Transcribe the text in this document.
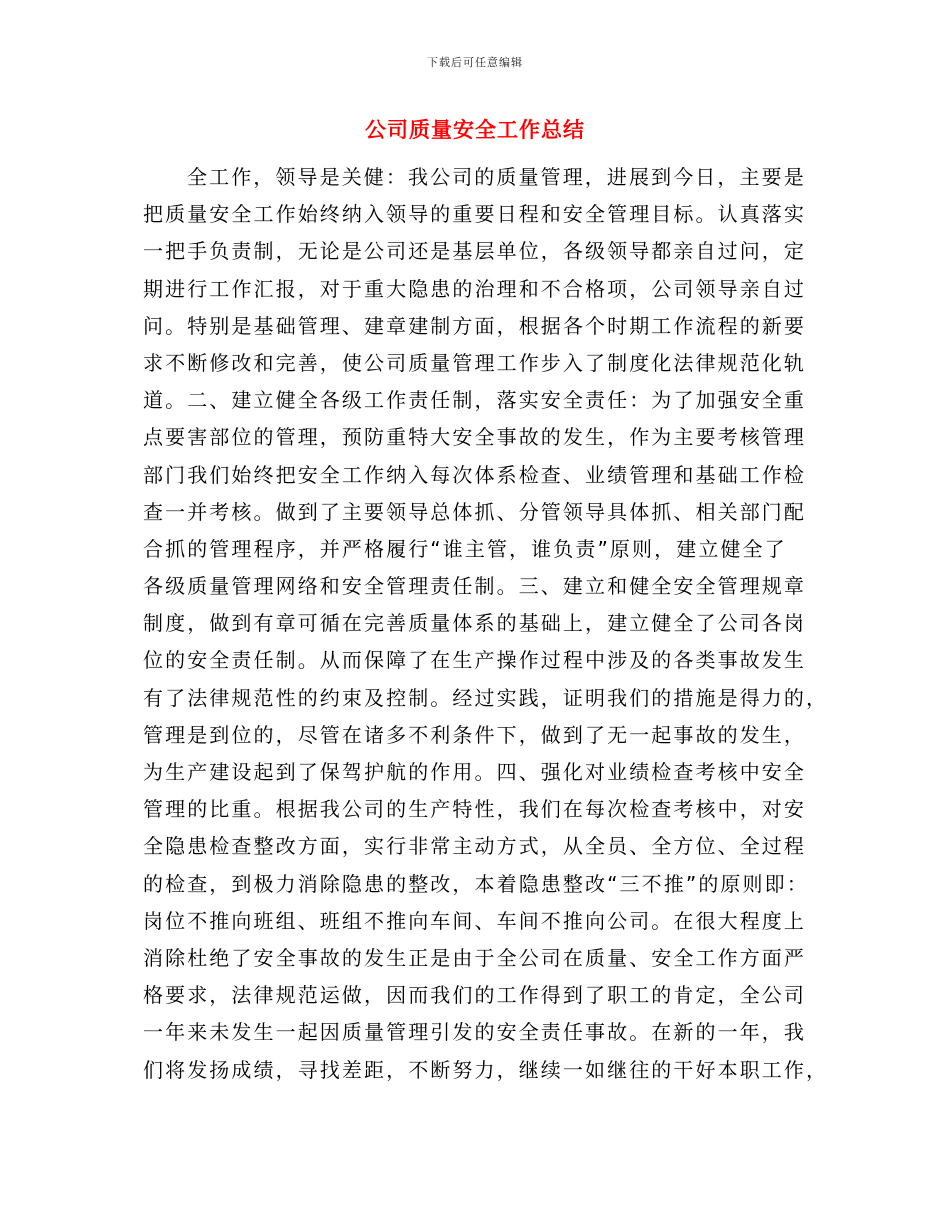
下载后可任意编辑
公司质量安全工作总结
全工作，领导是关健：我公司的质量管理，进展到今日，主要是
把质量安全工作始终纳入领导的重要日程和安全管理目标。认真落实
一把手负责制，无论是公司还是基层单位，各级领导都亲自过问，定
期进行工作汇报，对于重大隐患的治理和不合格项，公司领导亲自过
问。特别是基础管理、建章建制方面，根据各个时期工作流程的新要
求不断修改和完善，使公司质量管理工作步入了制度化法律规范化轨
道。二、建立健全各级工作责任制，落实安全责任：为了加强安全重
点要害部位的管理，预防重特大安全事故的发生，作为主要考核管理
部门我们始终把安全工作纳入每次体系检查、业绩管理和基础工作检
查一并考核。做到了主要领导总体抓、分管领导具体抓、相关部门配
合抓的管理程序，并严格履行“谁主管，谁负责”原则，建立健全了
各级质量管理网络和安全管理责任制。三、建立和健全安全管理规章
制度，做到有章可循在完善质量体系的基础上，建立健全了公司各岗
位的安全责任制。从而保障了在生产操作过程中涉及的各类事故发生
有了法律规范性的约束及控制。经过实践，证明我们的措施是得力的，
管理是到位的，尽管在诸多不利条件下，做到了无一起事故的发生，
为生产建设起到了保驾护航的作用。四、强化对业绩检查考核中安全
管理的比重。根据我公司的生产特性，我们在每次检查考核中，对安
全隐患检查整改方面，实行非常主动方式，从全员、全方位、全过程
的检查，到极力消除隐患的整改，本着隐患整改“三不推”的原则即：
岗位不推向班组、班组不推向车间、车间不推向公司。在很大程度上
消除杜绝了安全事故的发生正是由于全公司在质量、安全工作方面严
格要求，法律规范运做，因而我们的工作得到了职工的肯定，全公司
一年来未发生一起因质量管理引发的安全责任事故。在新的一年，我
们将发扬成绩，寻找差距，不断努力，继续一如继往的干好本职工作，
